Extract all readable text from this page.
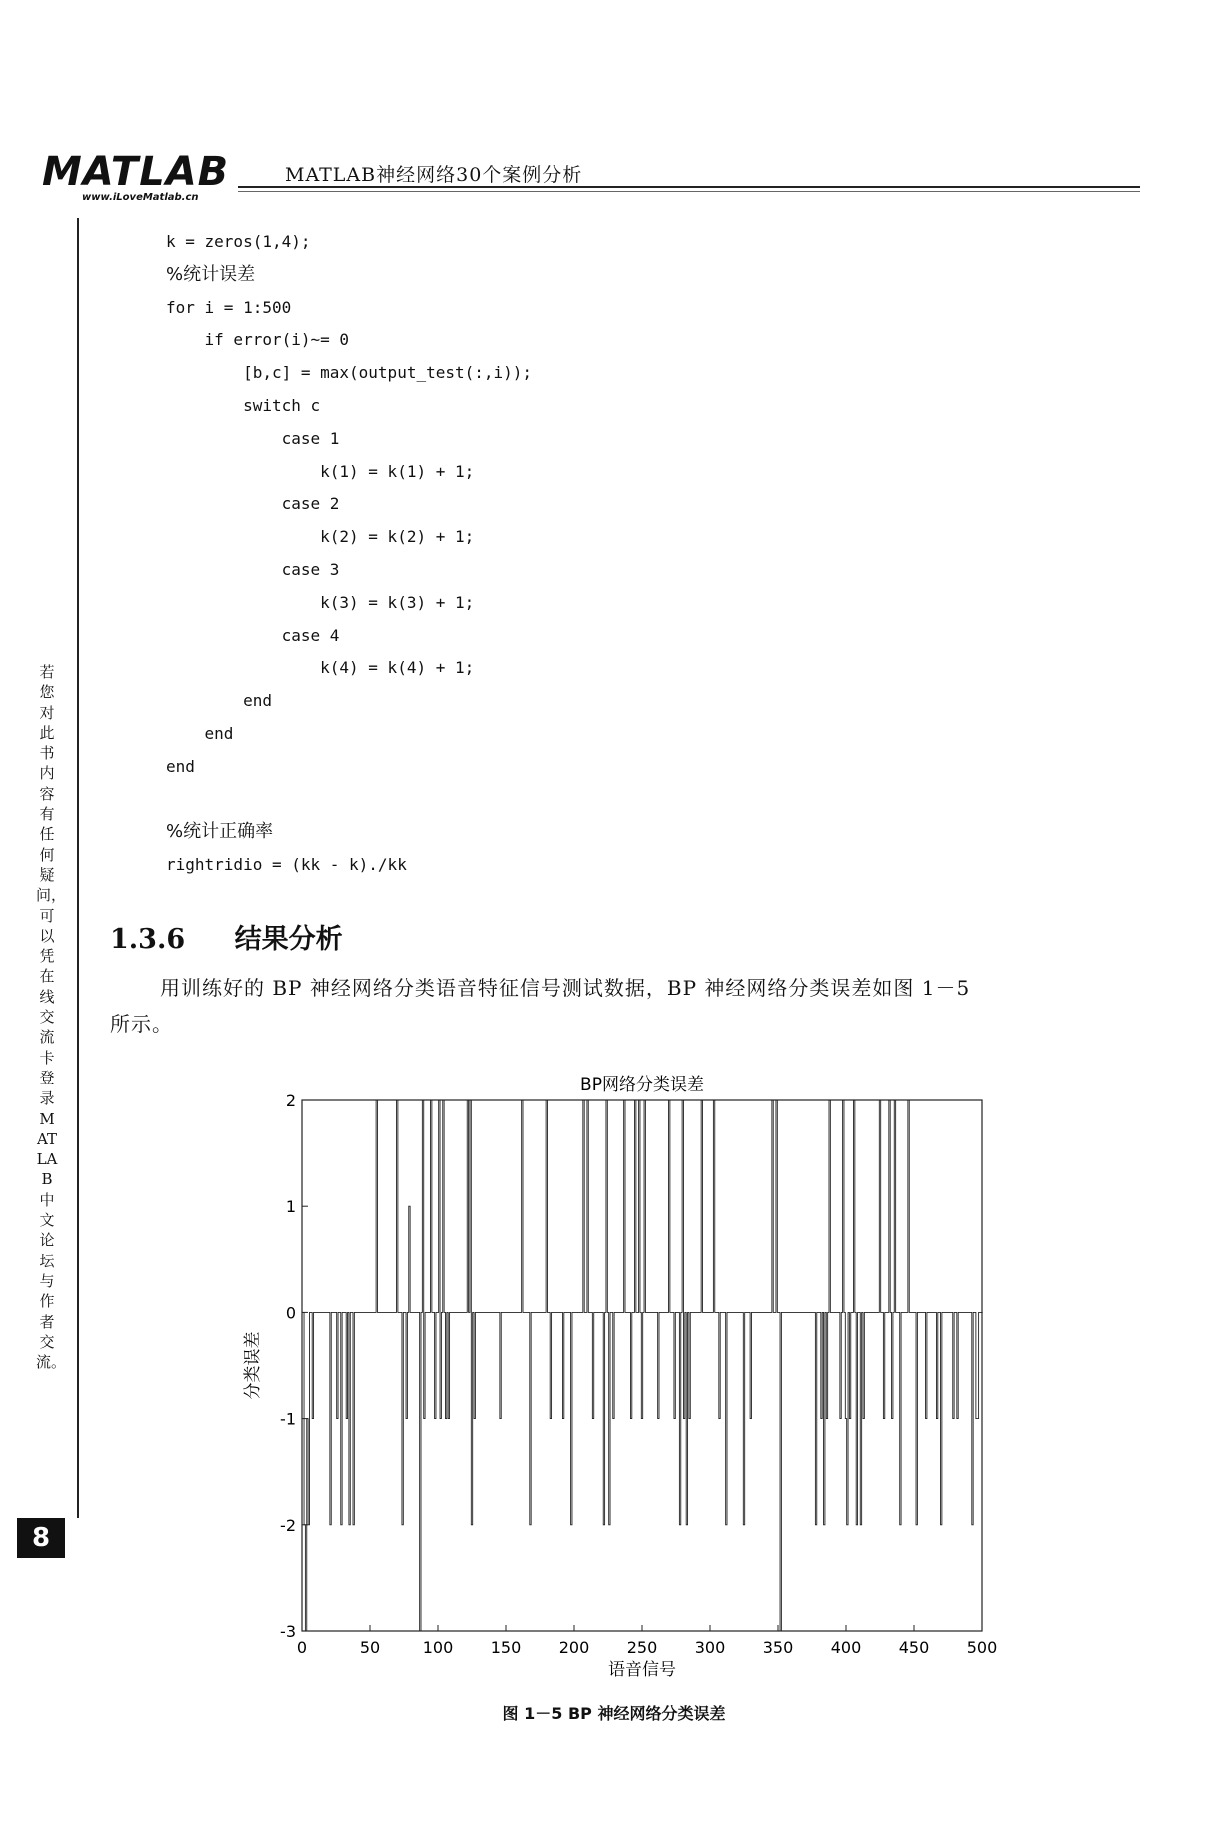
MATLAB
www.iLoveMatlab.cn
MATLAB神经网络30个案例分析
k = zeros(1,4);
%统计误差
for i = 1:500
if error(i)~= 0
[b,c] = max(output_test(:,i));
switch c
case 1
k(1) = k(1) + 1;
case 2
k(2) = k(2) + 1;
case 3
k(3) = k(3) + 1;
case 4
k(4) = k(4) + 1;
end
end
end
%统计正确率
rightridio = (kk - k)./kk
若您对此书内容有任何疑问，可以凭在线交流卡登录MATLAB中文论坛与作者交流。
8
1.3.6 结果分析
用训练好的 BP 神经网络分类语音特征信号测试数据，BP 神经网络分类误差如图 1－5
所示。
0	50	100 150 200 250 300 350 400 450 500
-3
-2
-1
0
1
2
BP网络分类误差
语音信号
分类误差
图 1－5 BP 神经网络分类误差
